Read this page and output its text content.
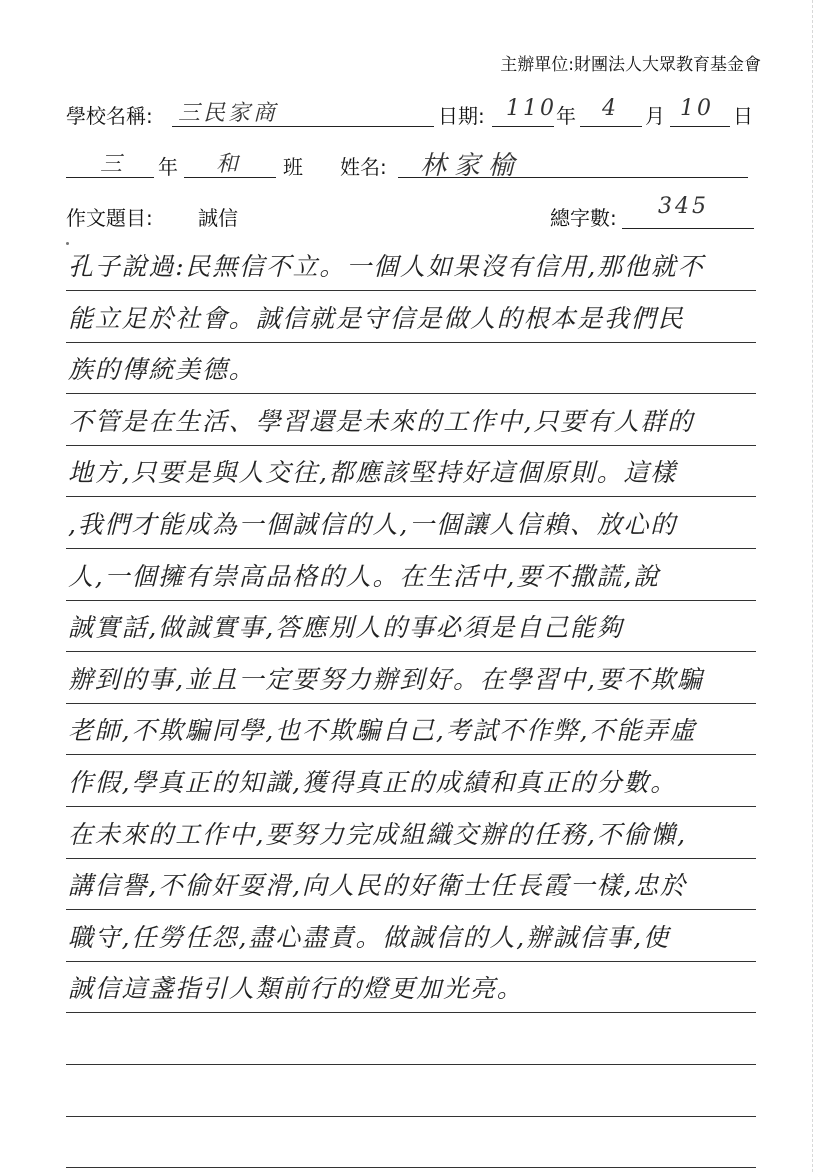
主辦單位:財團法人大眾教育基金會
學校名稱: 三民家商	日期: 110 年 4 月 10 日
三 年 和 班 姓名: 林家榆
作文題目: 誠信	總字數: 345
孔子說過:民無信不立。一個人如果沒有信用,那他就不
能立足於社會。誠信就是守信是做人的根本是我們民
族的傳統美德。
不管是在生活、學習還是未來的工作中,只要有人群的
地方,只要是與人交往,都應該堅持好這個原則。這樣
,我們才能成為一個誠信的人,一個讓人信賴、放心的
人,一個擁有崇高品格的人。在生活中,要不撒謊,說
誠實話,做誠實事,答應別人的事必須是自己能夠
辦到的事,並且一定要努力辦到好。在學習中,要不欺騙
老師,不欺騙同學,也不欺騙自己,考試不作弊,不能弄虛
作假,學真正的知識,獲得真正的成績和真正的分數。
在未來的工作中,要努力完成組織交辦的任務,不偷懶,
講信譽,不偷奸耍滑,向人民的好衛士任長霞一樣,忠於
職守,任勞任怨,盡心盡責。做誠信的人,辦誠信事,使
誠信這盞指引人類前行的燈更加光亮。
